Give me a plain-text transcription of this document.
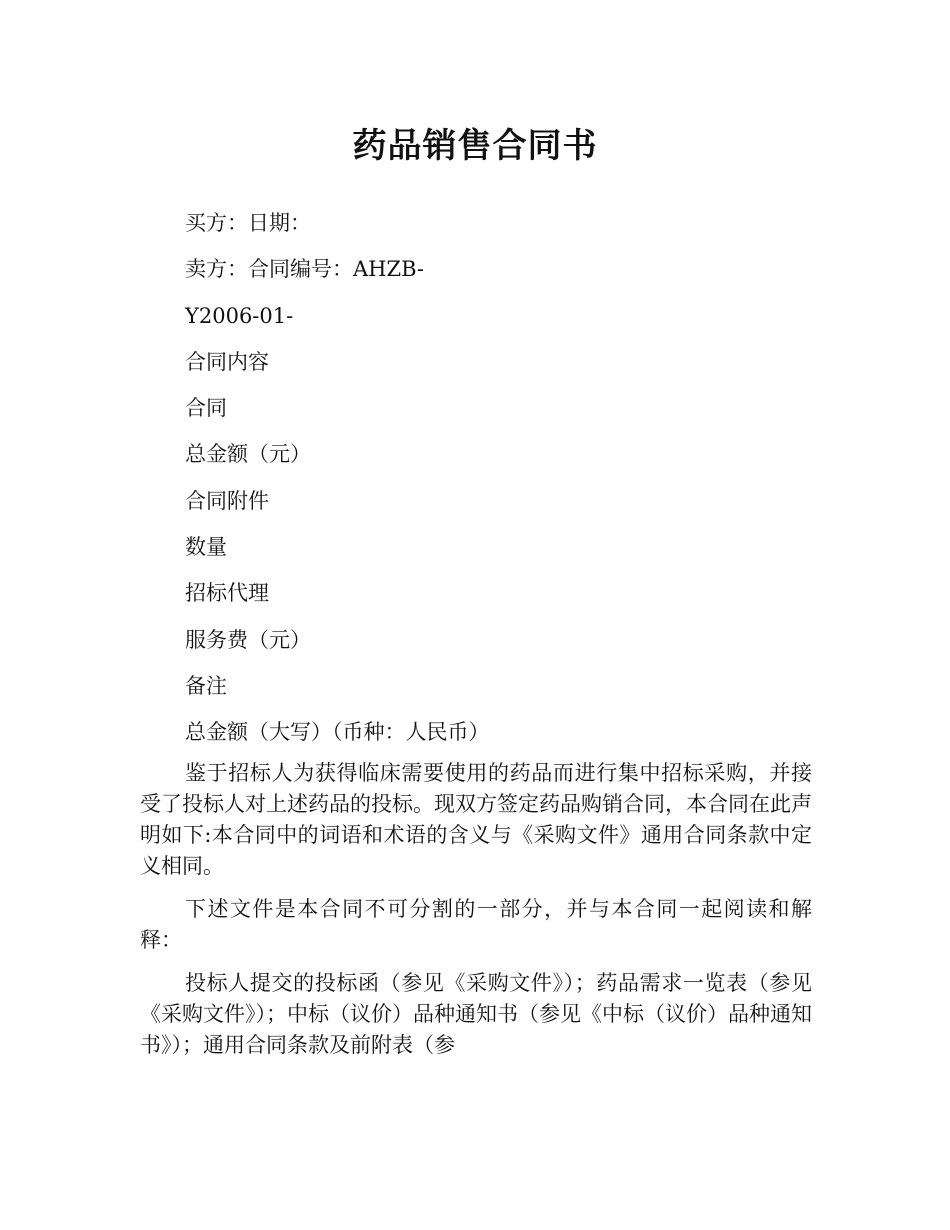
药品销售合同书
买方：日期：
卖方：合同编号：AHZB-
Y2006-01-
合同内容
合同
总金额（元）
合同附件
数量
招标代理
服务费（元）
备注
总金额（大写）（币种：人民币）

鉴于招标人为获得临床需要使用的药品而进行集中招标采购，并接受了投标人对上述药品的投标。现双方签定药品购销合同，本合同在此声明如下:本合同中的词语和术语的含义与《采购文件》通用合同条款中定义相同。

下述文件是本合同不可分割的一部分，并与本合同一起阅读和解释：

投标人提交的投标函（参见《采购文件》）；药品需求一览表（参见《采购文件》）；中标（议价）品种通知书（参见《中标（议价）品种通知书》）；通用合同条款及前附表（参
